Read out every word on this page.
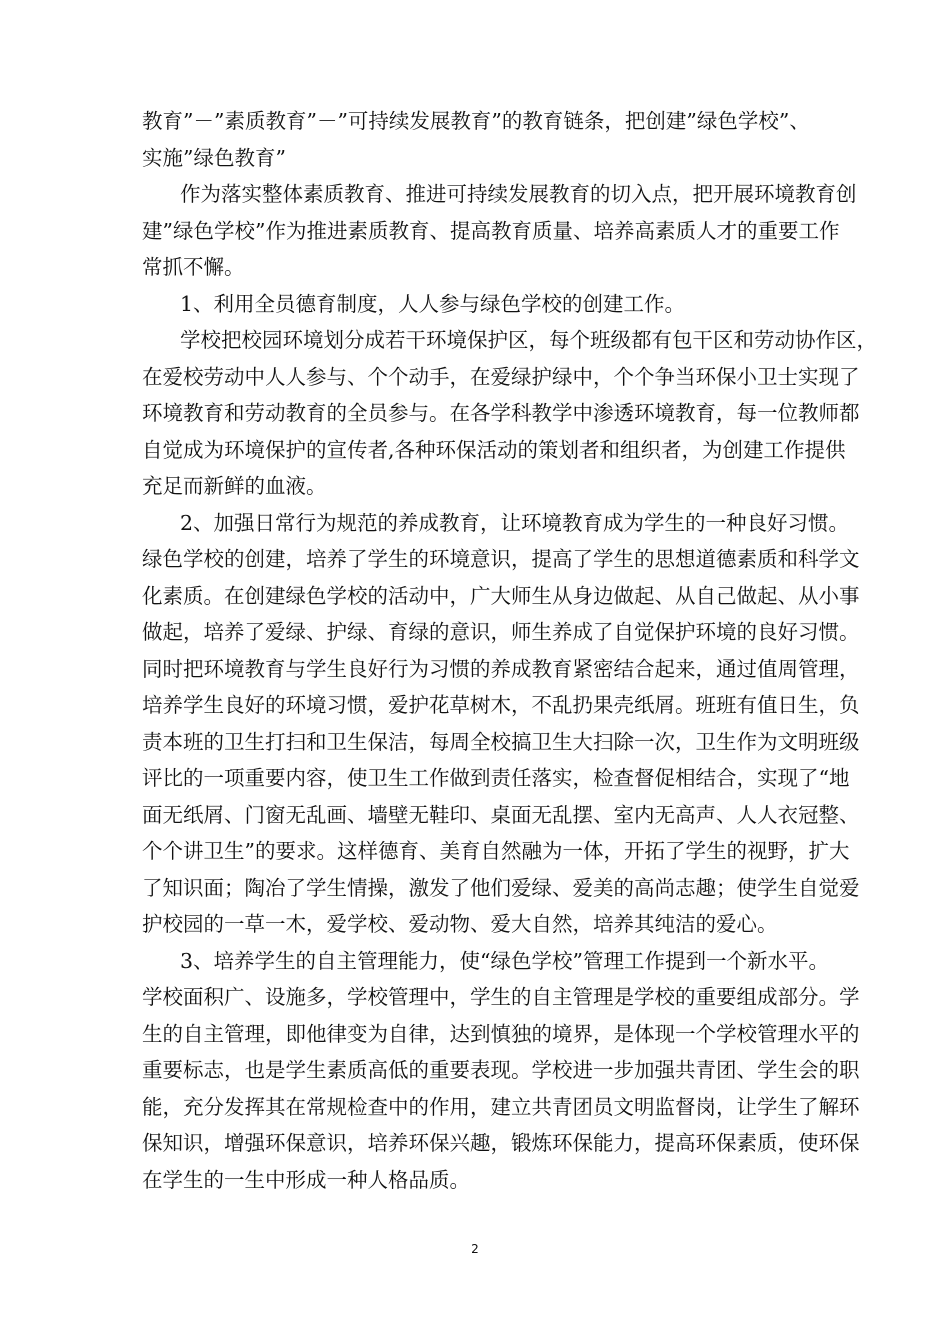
教育”－”素质教育”－”可持续发展教育”的教育链条，把创建”绿色学校”、
实施”绿色教育”
作为落实整体素质教育、推进可持续发展教育的切入点，把开展环境教育创
建”绿色学校”作为推进素质教育、提高教育质量、培养高素质人才的重要工作
常抓不懈。
1、利用全员德育制度，人人参与绿色学校的创建工作。
学校把校园环境划分成若干环境保护区，每个班级都有包干区和劳动协作区，
在爱校劳动中人人参与、个个动手，在爱绿护绿中，个个争当环保小卫士实现了
环境教育和劳动教育的全员参与。在各学科教学中渗透环境教育，每一位教师都
自觉成为环境保护的宣传者,各种环保活动的策划者和组织者，为创建工作提供
充足而新鲜的血液。
2、加强日常行为规范的养成教育，让环境教育成为学生的一种良好习惯。
绿色学校的创建，培养了学生的环境意识，提高了学生的思想道德素质和科学文
化素质。在创建绿色学校的活动中，广大师生从身边做起、从自己做起、从小事
做起，培养了爱绿、护绿、育绿的意识，师生养成了自觉保护环境的良好习惯。
同时把环境教育与学生良好行为习惯的养成教育紧密结合起来，通过值周管理，
培养学生良好的环境习惯，爱护花草树木，不乱扔果壳纸屑。班班有值日生，负
责本班的卫生打扫和卫生保洁，每周全校搞卫生大扫除一次，卫生作为文明班级
评比的一项重要内容，使卫生工作做到责任落实，检查督促相结合，实现了“地
面无纸屑、门窗无乱画、墙壁无鞋印、桌面无乱摆、室内无高声、人人衣冠整、
个个讲卫生”的要求。这样德育、美育自然融为一体，开拓了学生的视野，扩大
了知识面；陶冶了学生情操，激发了他们爱绿、爱美的高尚志趣；使学生自觉爱
护校园的一草一木，爱学校、爱动物、爱大自然，培养其纯洁的爱心。
3、培养学生的自主管理能力，使“绿色学校”管理工作提到一个新水平。
学校面积广、设施多，学校管理中，学生的自主管理是学校的重要组成部分。学
生的自主管理，即他律变为自律，达到慎独的境界，是体现一个学校管理水平的
重要标志，也是学生素质高低的重要表现。学校进一步加强共青团、学生会的职
能，充分发挥其在常规检查中的作用，建立共青团员文明监督岗，让学生了解环
保知识，增强环保意识，培养环保兴趣，锻炼环保能力，提高环保素质，使环保
在学生的一生中形成一种人格品质。
2
